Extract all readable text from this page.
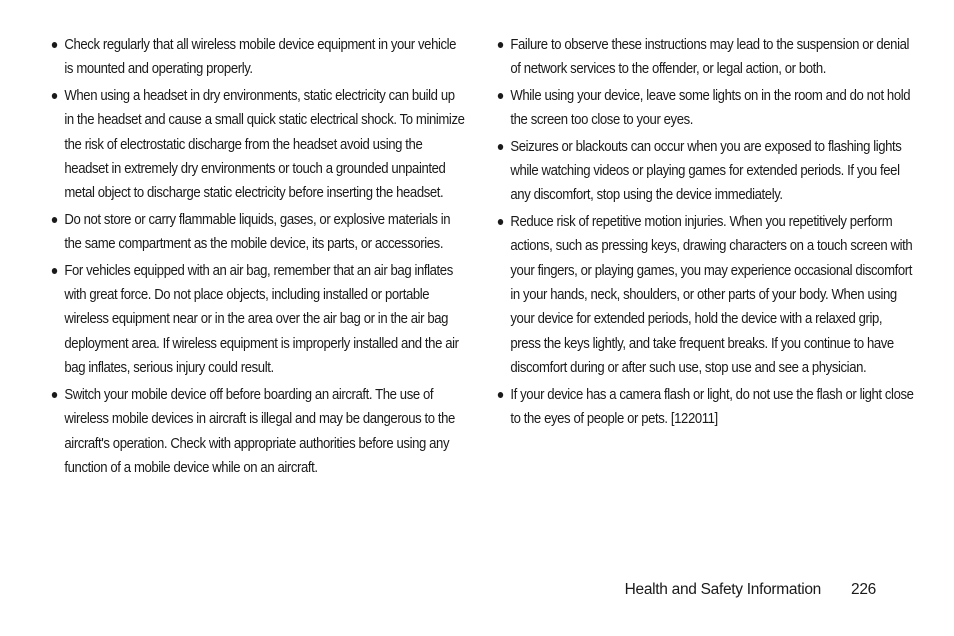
Check regularly that all wireless mobile device equipment in your vehicle is mounted and operating properly.
When using a headset in dry environments, static electricity can build up in the headset and cause a small quick static electrical shock. To minimize the risk of electrostatic discharge from the headset avoid using the headset in extremely dry environments or touch a grounded unpainted metal object to discharge static electricity before inserting the headset.
Do not store or carry flammable liquids, gases, or explosive materials in the same compartment as the mobile device, its parts, or accessories.
For vehicles equipped with an air bag, remember that an air bag inflates with great force. Do not place objects, including installed or portable wireless equipment near or in the area over the air bag or in the air bag deployment area. If wireless equipment is improperly installed and the air bag inflates, serious injury could result.
Switch your mobile device off before boarding an aircraft. The use of wireless mobile devices in aircraft is illegal and may be dangerous to the aircraft's operation. Check with appropriate authorities before using any function of a mobile device while on an aircraft.
Failure to observe these instructions may lead to the suspension or denial of network services to the offender, or legal action, or both.
While using your device, leave some lights on in the room and do not hold the screen too close to your eyes.
Seizures or blackouts can occur when you are exposed to flashing lights while watching videos or playing games for extended periods. If you feel any discomfort, stop using the device immediately.
Reduce risk of repetitive motion injuries. When you repetitively perform actions, such as pressing keys, drawing characters on a touch screen with your fingers, or playing games, you may experience occasional discomfort in your hands, neck, shoulders, or other parts of your body. When using your device for extended periods, hold the device with a relaxed grip, press the keys lightly, and take frequent breaks. If you continue to have discomfort during or after such use, stop use and see a physician.
If your device has a camera flash or light, do not use the flash or light close to the eyes of people or pets. [122011]
Health and Safety Information 226
